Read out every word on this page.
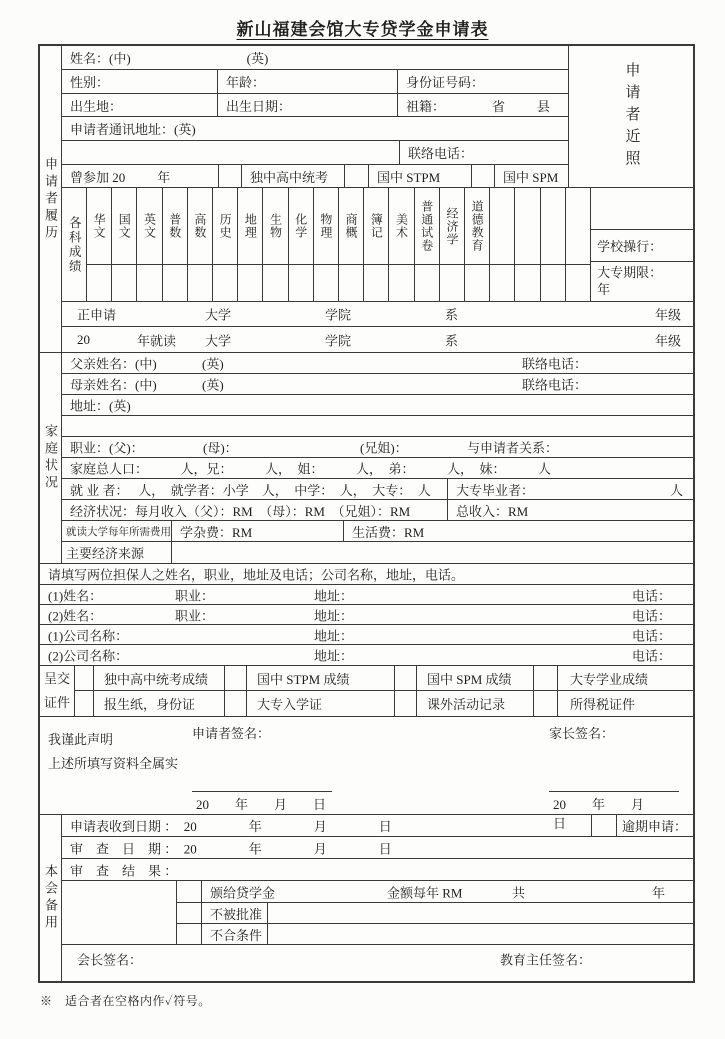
新山福建会馆大专贷学金申请表
申请者履历
姓名：(中)	(英)
性别：	年龄：	身份证号码：
出生地：	出生日期：	祖籍：	省 县
申请者通讯地址：(英)
联络电话：
曾参加 20 年	独中高中统考	国中 STPM	国中 SPM
申请者近照
各科成绩 华文 国文 英文 普数 高数 历史 地理 生物 化学 物理 商概 簿记 美术 普通试卷 经济学 道德教育	学校操行：
大专期限：
年
正申请	大学	学院	系	年级
20	年就读 大学	学院	系	年级
家庭状况
父亲姓名：(中)	(英)	联络电话：
母亲姓名：(中)	(英)	联络电话：
地址：(英)
职业：(父)：	(母)：	(兄姐)：	与申请者关系：
家庭总人口：　　　人，兄：　　　人，　姐：　　　人，　弟：　　　人，　妹：　　　人
就 业 者：　 人，　就学者：小学　人，　中学：　人，　大专：　人	大专毕业者：	人
经济状况：每月收入（父）：RM　（母）：RM　（兄姐）：RM	总收入：RM
就读大学每年所需费用 学杂费：RM	生活费：RM
主要经济来源
请填写两位担保人之姓名，职业，地址及电话；公司名称，地址，电话。
(1)姓名：	职业：	地址：	电话：
(2)姓名：	职业：	地址：	电话：
(1)公司名称：	地址：	电话：
(2)公司名称：	地址：	电话：
呈交
证件
独中高中统考成绩	国中 STPM 成绩	国中 SPM 成绩	大专学业成绩
报生纸，身份证	大专入学证	课外活动记录	所得税证件
我谨此声明
上述所填写资料全属实
申请者签名：	家长签名：
20　　年　　月　　日	20　　年　　月　　日
本会备用
申请表收到日期 ：　20　　　　年　　　　月　　　　日	逾期申请：
审　查　日　期 ：　20　　　　年　　　　月　　　　日
审　查　结　果 ：
颁给贷学金	金额每年 RM	共	年
不被批准
不合条件
会长签名：	教育主任签名：
※　适合者在空格内作✓符号。
